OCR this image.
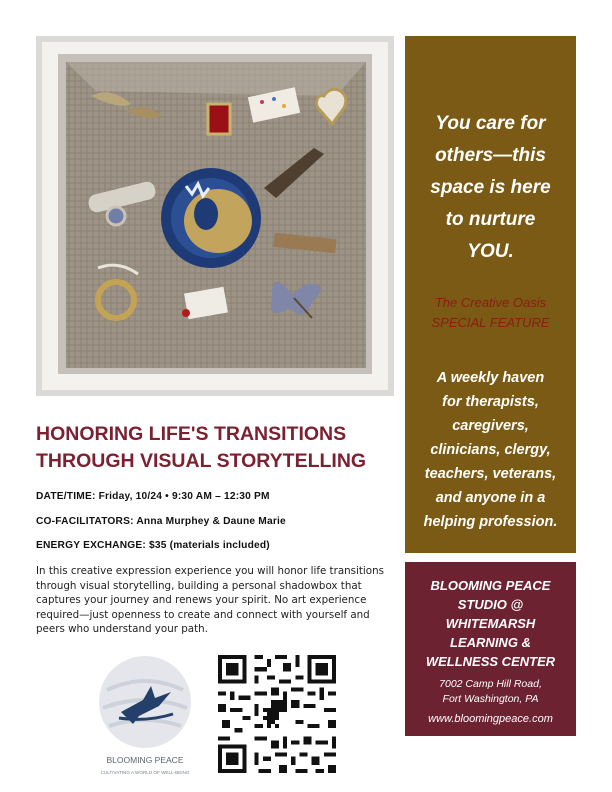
You care for
others—this
space is here
to nurture
YOU.
The Creative Oasis
SPECIAL FEATURE
A weekly haven
for therapists,
caregivers,
clinicians, clergy,
teachers, veterans,
and anyone in a
helping profession.
BLOOMING PEACE
STUDIO @
WHITEMARSH
LEARNING &
WELLNESS CENTER
7002 Camp Hill Road,
Fort Washington, PA
www.bloomingpeace.com
HONORING LIFE'S TRANSITIONS
THROUGH VISUAL STORYTELLING
DATE/TIME: Friday, 10/24 • 9:30 AM – 12:30 PM
CO-FACILITATORS: Anna Murphey & Daune Marie
ENERGY EXCHANGE: $35 (materials included)
In this creative expression experience you will honor life transitions through visual storytelling, building a personal shadowbox that captures your journey and renews your spirit. No art experience required—just openness to create and connect with yourself and peers who understand your path.
BLOOMING PEACE
CULTIVATING A WORLD OF WELL-BEING
